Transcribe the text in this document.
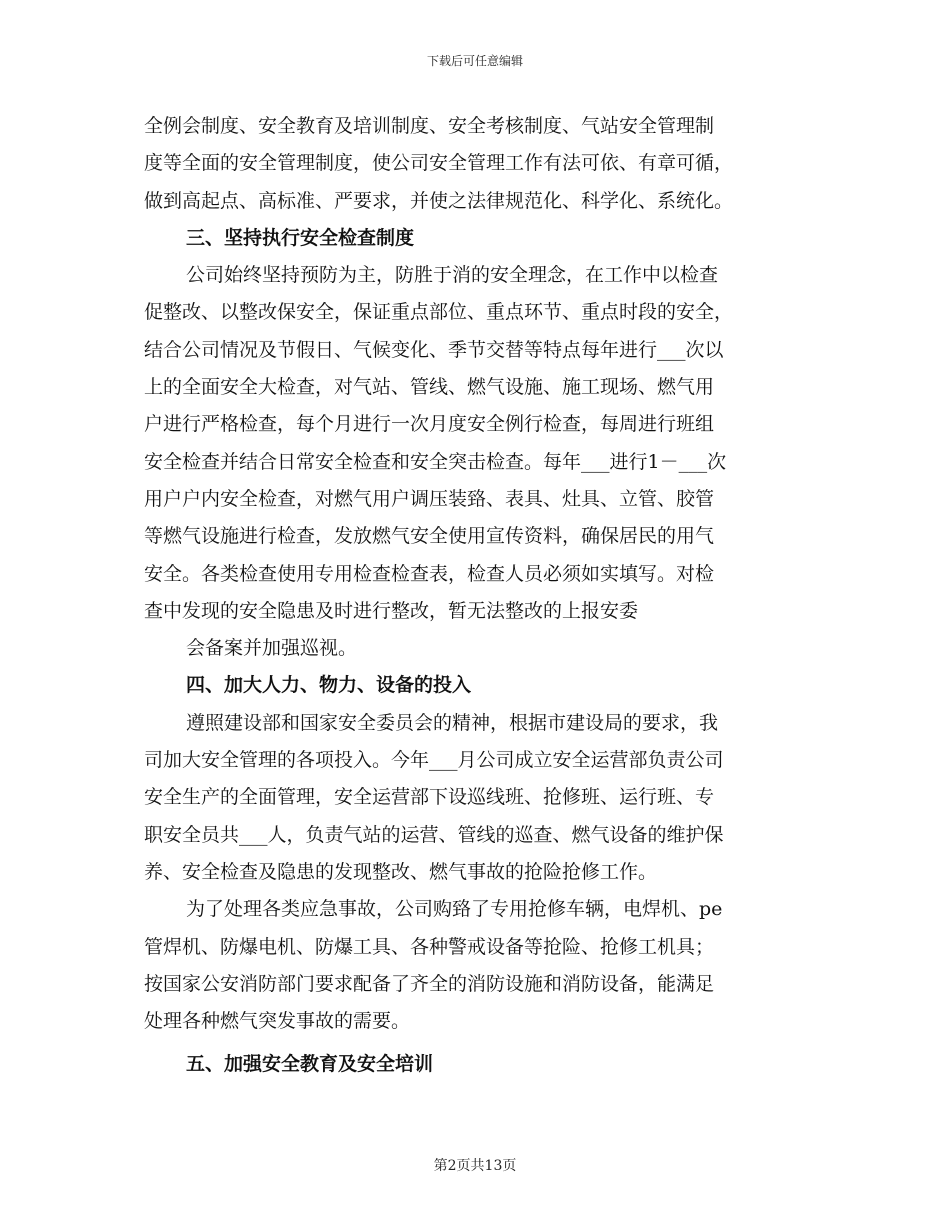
下载后可任意编辑
全例会制度、安全教育及培训制度、安全考核制度、气站安全管理制
度等全面的安全管理制度，使公司安全管理工作有法可依、有章可循，
做到高起点、高标准、严要求，并使之法律规范化、科学化、系统化。
三、坚持执行安全检查制度
公司始终坚持预防为主，防胜于消的安全理念，在工作中以检查
促整改、以整改保安全，保证重点部位、重点环节、重点时段的安全，
结合公司情况及节假日、气候变化、季节交替等特点每年进行___次以
上的全面安全大检查，对气站、管线、燃气设施、施工现场、燃气用
户进行严格检查，每个月进行一次月度安全例行检查，每周进行班组
安全检查并结合日常安全检查和安全突击检查。每年___进行1－___次
用户户内安全检查，对燃气用户调压装臵、表具、灶具、立管、胶管
等燃气设施进行检查，发放燃气安全使用宣传资料，确保居民的用气
安全。各类检查使用专用检查检查表，检查人员必须如实填写。对检
查中发现的安全隐患及时进行整改，暂无法整改的上报安委
会备案并加强巡视。
四、加大人力、物力、设备的投入
遵照建设部和国家安全委员会的精神，根据市建设局的要求，我
司加大安全管理的各项投入。今年___月公司成立安全运营部负责公司
安全生产的全面管理，安全运营部下设巡线班、抢修班、运行班、专
职安全员共___人，负责气站的运营、管线的巡查、燃气设备的维护保
养、安全检查及隐患的发现整改、燃气事故的抢险抢修工作。
为了处理各类应急事故，公司购臵了专用抢修车辆，电焊机、pe
管焊机、防爆电机、防爆工具、各种警戒设备等抢险、抢修工机具；
按国家公安消防部门要求配备了齐全的消防设施和消防设备，能满足
处理各种燃气突发事故的需要。
五、加强安全教育及安全培训
第2页共13页
